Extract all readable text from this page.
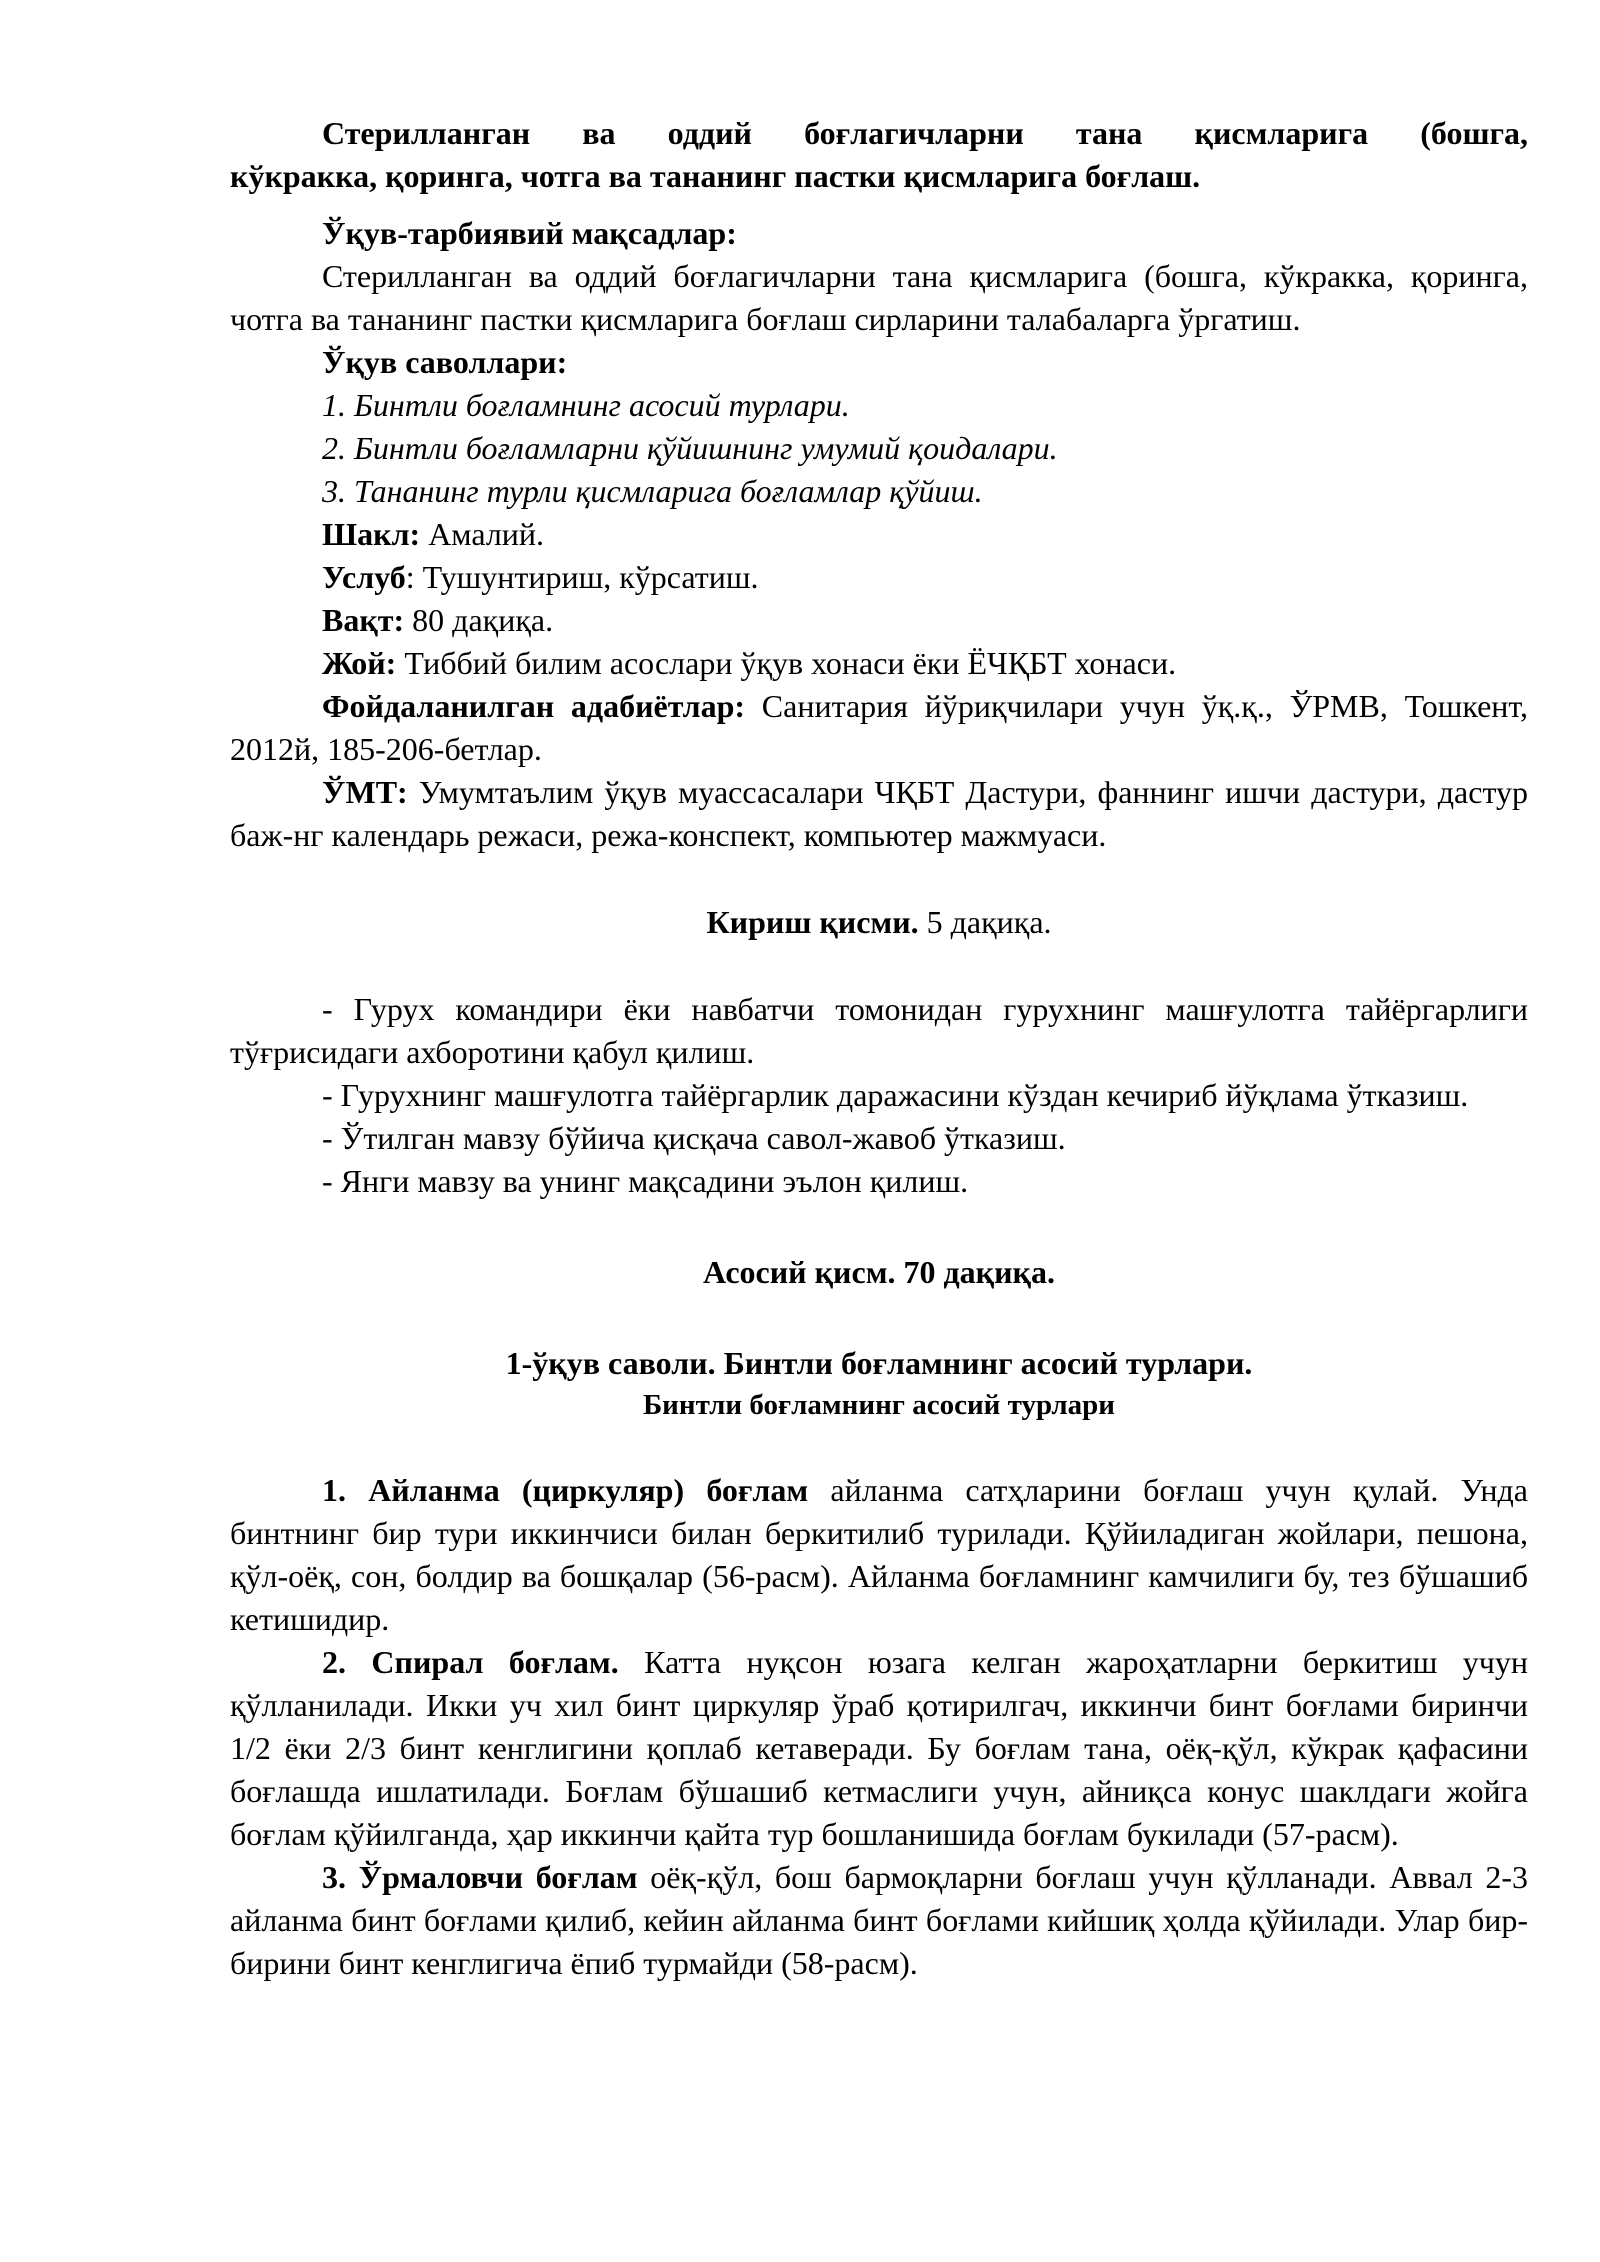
Стерилланган ва оддий боғлагичларни тана қисмларига (бошга,
кўкракка, қоринга, чотга ва тананинг пастки қисмларига боғлаш.

Ўқув-тарбиявий мақсадлар:

Стерилланган ва оддий боғлагичларни тана қисмларига (бошга, кўкракка, қоринга, чотга ва тананинг пастки қисмларига боғлаш сирларини талабаларга ўргатиш.

Ўқув саволлари:

1. Бинтли боғламнинг асосий турлари.

2. Бинтли боғламларни қўйишнинг умумий қоидалари.

3. Тананинг турли қисмларига боғламлар қўйиш.

Шакл: Амалий.

Услуб: Тушунтириш, кўрсатиш.

Вақт: 80 дақиқа.

Жой: Тиббий билим асослари ўқув хонаси ёки ЁЧҚБТ хонаси.

Фойдаланилган адабиётлар: Санитария йўриқчилари учун ўқ.қ., ЎРМВ, Тошкент, 2012й, 185-206-бетлар.

ЎМТ: Умумтаълим ўқув муассасалари ЧҚБТ Дастури, фаннинг ишчи дастури, дастур баж-нг календарь режаси, режа-конспект, компьютер мажмуаси.

Кириш қисми. 5 дақиқа.

- Гурух командири ёки навбатчи томонидан гурухнинг машғулотга тайёргарлиги тўғрисидаги ахборотини қабул қилиш.

- Гурухнинг машғулотга тайёргарлик даражасини кўздан кечириб йўқлама ўтказиш.

- Ўтилган мавзу бўйича қисқача савол-жавоб ўтказиш.

- Янги мавзу ва унинг мақсадини эълон қилиш.

Асосий қисм. 70 дақиқа.

1-ўқув саволи. Бинтли боғламнинг асосий турлари.

Бинтли боғламнинг асосий турлари

1. Айланма (циркуляр) боғлам айланма сатҳларини боғлаш учун қулай. Унда бинтнинг бир тури иккинчиси билан беркитилиб турилади. Қўйиладиган жойлари, пешона, қўл-оёқ, сон, болдир ва бошқалар (56-расм). Айланма боғламнинг камчилиги бу, тез бўшашиб кетишидир.

2. Спирал боғлам. Катта нуқсон юзага келган жароҳатларни беркитиш учун қўлланилади. Икки уч хил бинт циркуляр ўраб қотирилгач, иккинчи бинт боғлами биринчи 1/2 ёки 2/3 бинт кенглигини қоплаб кетаверади. Бу боғлам тана, оёқ-қўл, кўкрак қафасини боғлашда ишлатилади. Боғлам бўшашиб кетмаслиги учун, айниқса конус шаклдаги жойга боғлам қўйилганда, ҳар иккинчи қайта тур бошланишида боғлам букилади (57-расм).

3. Ўрмаловчи боғлам оёқ-қўл, бош бармоқларни боғлаш учун қўлланади. Аввал 2-3 айланма бинт боғлами қилиб, кейин айланма бинт боғлами кийшиқ ҳолда қўйилади. Улар бир-бирини бинт кенглигича ёпиб турмайди (58-расм).
